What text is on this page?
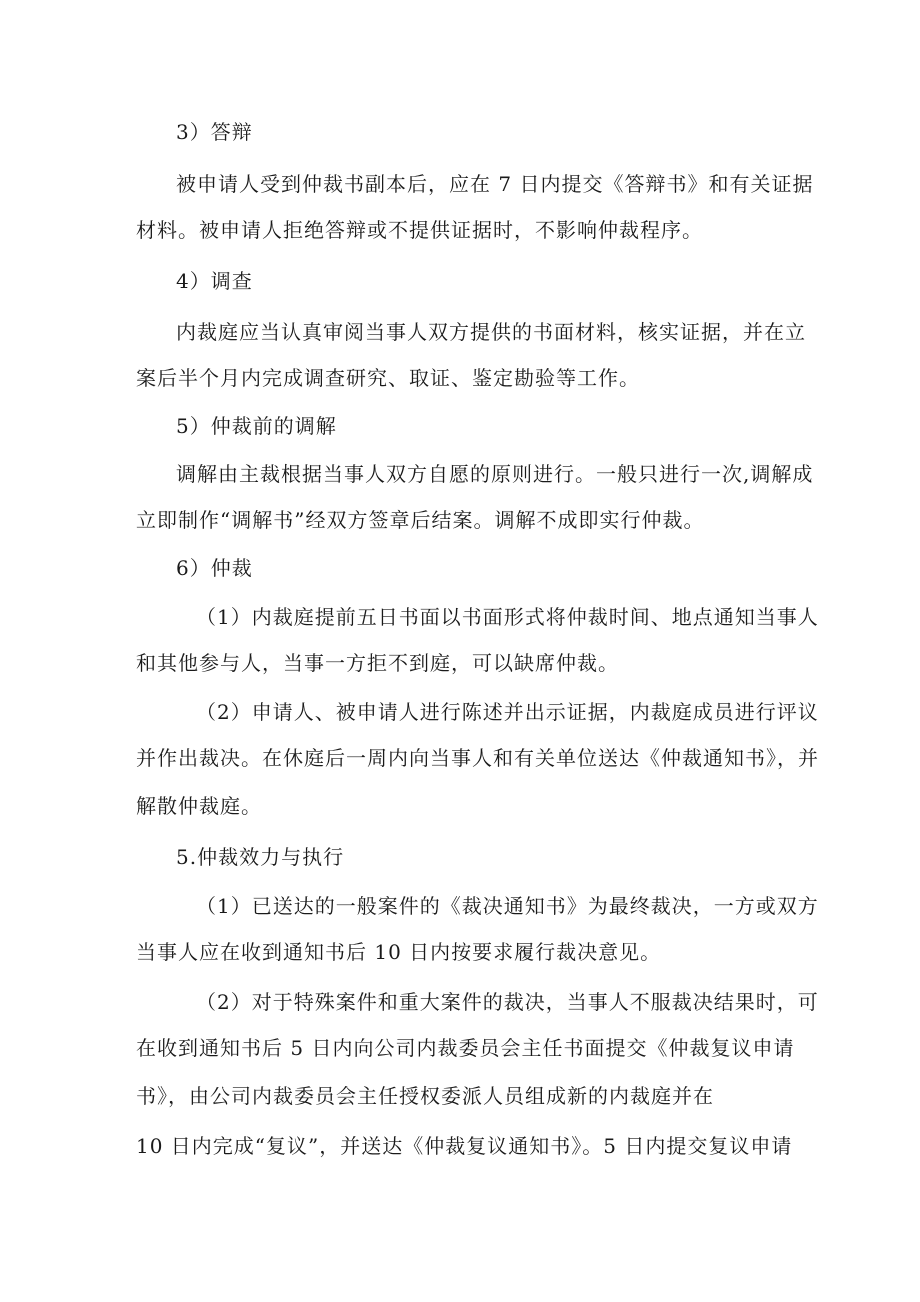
3）答辩
被申请人受到仲裁书副本后，应在 7 日内提交《答辩书》和有关证据
材料。被申请人拒绝答辩或不提供证据时，不影响仲裁程序。
4）调查
内裁庭应当认真审阅当事人双方提供的书面材料，核实证据，并在立
案后半个月内完成调查研究、取证、鉴定勘验等工作。
5）仲裁前的调解
调解由主裁根据当事人双方自愿的原则进行。一般只进行一次,调解成
立即制作“调解书”经双方签章后结案。调解不成即实行仲裁。
6）仲裁
（1）内裁庭提前五日书面以书面形式将仲裁时间、地点通知当事人
和其他参与人，当事一方拒不到庭，可以缺席仲裁。
（2）申请人、被申请人进行陈述并出示证据，内裁庭成员进行评议
并作出裁决。在休庭后一周内向当事人和有关单位送达《仲裁通知书》，并
解散仲裁庭。
5.仲裁效力与执行
（1）已送达的一般案件的《裁决通知书》为最终裁决，一方或双方
当事人应在收到通知书后 10 日内按要求履行裁决意见。
（2）对于特殊案件和重大案件的裁决，当事人不服裁决结果时，可
在收到通知书后 5 日内向公司内裁委员会主任书面提交《仲裁复议申请
书》，由公司内裁委员会主任授权委派人员组成新的内裁庭并在
10 日内完成“复议”，并送达《仲裁复议通知书》。5 日内提交复议申请
